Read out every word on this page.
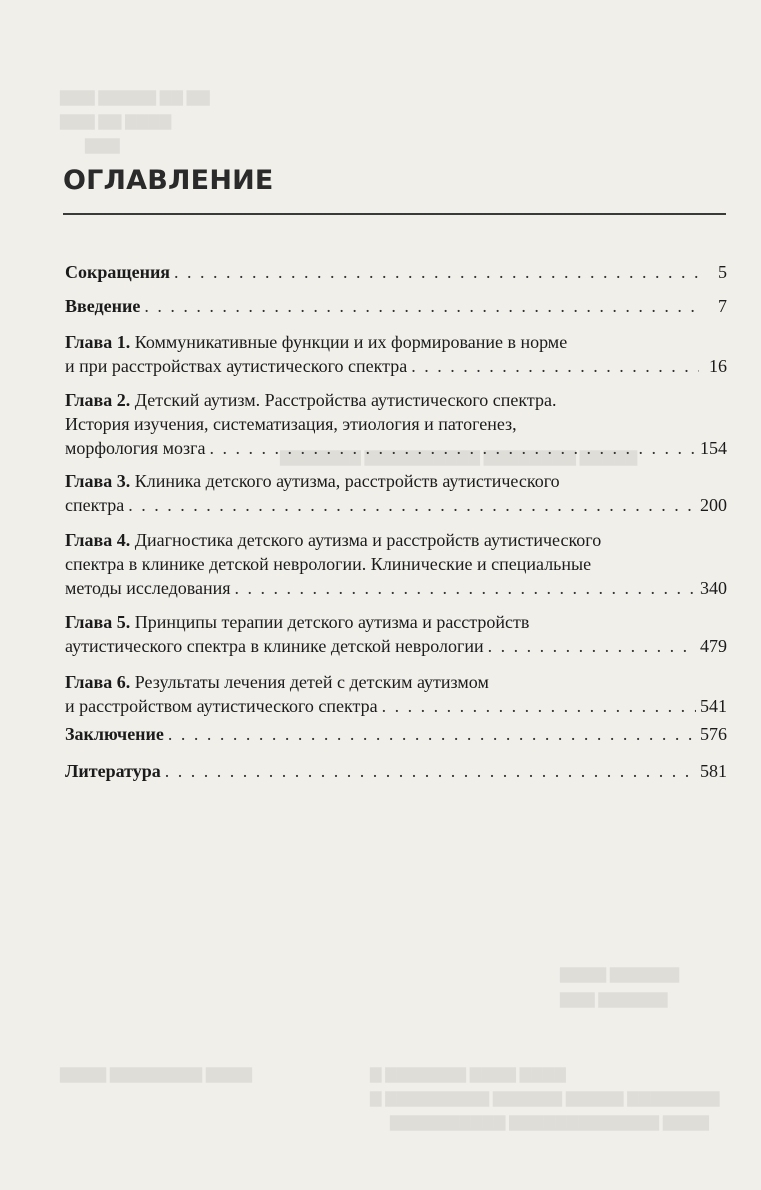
▇▇▇ ▇▇▇▇▇ ▇▇ ▇▇
▇▇▇ ▇▇ ▇▇▇▇
▇▇▇
▇▇▇▇▇▇▇ ▇▇▇▇▇▇▇▇▇▇ ▇▇▇▇▇▇▇▇ ▇▇▇▇▇
▇▇▇▇ ▇▇▇▇▇▇
▇▇▇ ▇▇▇▇▇▇
▇▇▇▇ ▇▇▇▇▇▇▇▇ ▇▇▇▇	▇ ▇▇▇▇▇▇▇ ▇▇▇▇ ▇▇▇▇
▇ ▇▇▇▇▇▇▇▇▇ ▇▇▇▇▇▇ ▇▇▇▇▇ ▇▇▇▇▇▇▇▇
▇▇▇▇▇▇▇▇▇▇ ▇▇▇▇▇▇▇▇▇▇▇▇▇ ▇▇▇▇
ОГЛАВЛЕНИЕ
Сокращения . . .	5
Введение . . .	7
Глава 1. Коммуникативные функции и их формирование в норме
и при расстройствах аутистического спектра . . .	16
Глава 2. Детский аутизм. Расстройства аутистического спектра.
История изучения, систематизация, этиология и патогенез,
морфология мозга . . .	154
Глава 3. Клиника детского аутизма, расстройств аутистического
спектра . . .	200
Глава 4. Диагностика детского аутизма и расстройств аутистического
спектра в клинике детской неврологии. Клинические и специальные
методы исследования . . .	340
Глава 5. Принципы терапии детского аутизма и расстройств
аутистического спектра в клинике детской неврологии . . .	479
Глава 6. Результаты лечения детей с детским аутизмом
и расстройством аутистического спектра . . .	541
Заключение . . .	576
Литература . . .	581
